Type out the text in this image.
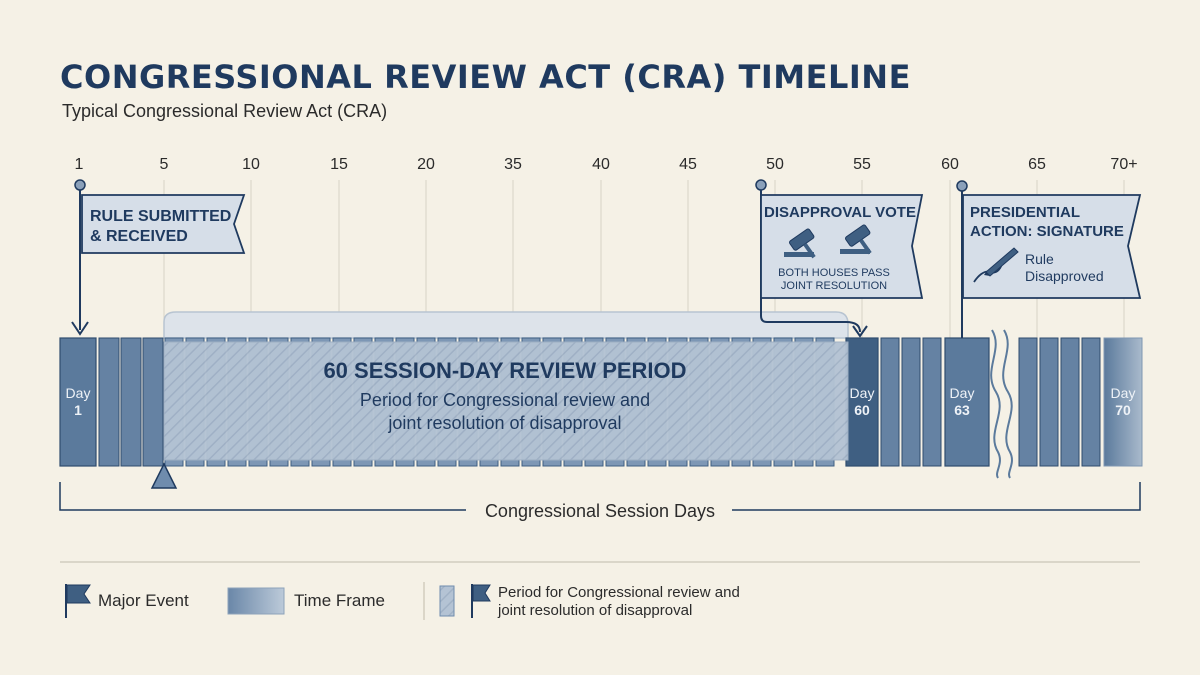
CONGRESSIONAL REVIEW ACT (CRA) TIMELINE
Typical Congressional Review Act (CRA)
1	5	10	15	20	35	40	45	50	55	60	65	70+
60 SESSION-DAY REVIEW PERIOD
Period for Congressional review and
joint resolution of disapproval
Day
1
Day
60
Day
63
Day
70
RULE SUBMITTED
& RECEIVED
DISAPPROVAL VOTE
BOTH HOUSES PASS
JOINT RESOLUTION
PRESIDENTIAL
ACTION: SIGNATURE
Rule
Disapproved
Congressional Session Days
Major Event	Time Frame	Period for Congressional review and
joint resolution of disapproval
